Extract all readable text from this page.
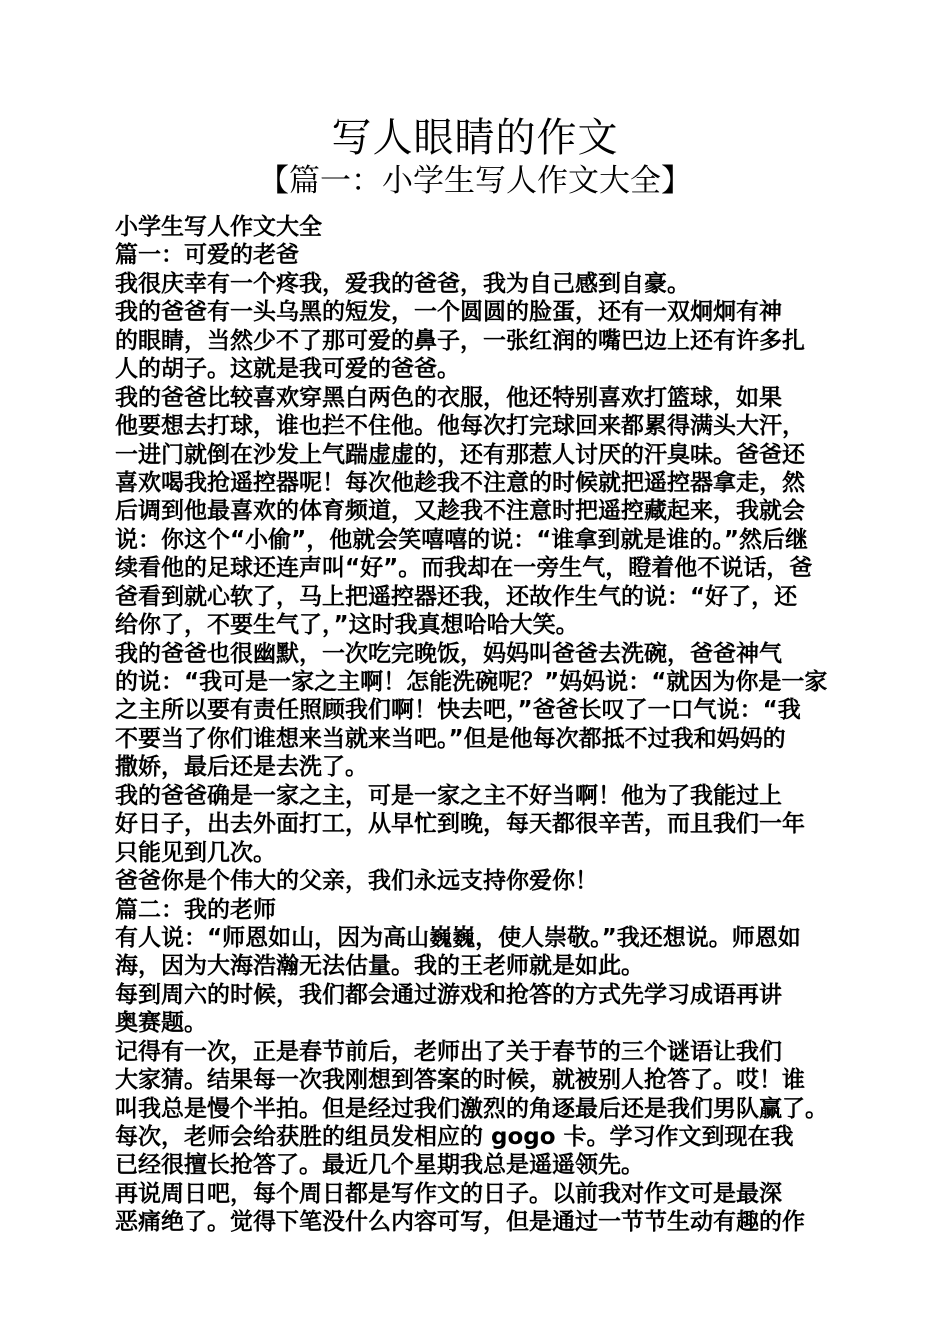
写人眼睛的作文
【篇一：小学生写人作文大全】
小学生写人作文大全
篇一：可爱的老爸
我很庆幸有一个疼我，爱我的爸爸，我为自己感到自豪。
我的爸爸有一头乌黑的短发，一个圆圆的脸蛋，还有一双炯炯有神
的眼睛，当然少不了那可爱的鼻子，一张红润的嘴巴边上还有许多扎
人的胡子。这就是我可爱的爸爸。
我的爸爸比较喜欢穿黑白两色的衣服，他还特别喜欢打篮球，如果
他要想去打球，谁也拦不住他。他每次打完球回来都累得满头大汗，
一进门就倒在沙发上气踹虚虚的，还有那惹人讨厌的汗臭味。爸爸还
喜欢喝我抢遥控器呢！每次他趁我不注意的时候就把遥控器拿走，然
后调到他最喜欢的体育频道，又趁我不注意时把遥控藏起来，我就会
说：你这个“小偷”，他就会笑嘻嘻的说：“谁拿到就是谁的。”然后继
续看他的足球还连声叫“好”。而我却在一旁生气，瞪着他不说话，爸
爸看到就心软了，马上把遥控器还我，还故作生气的说：“好了，还
给你了，不要生气了，”这时我真想哈哈大笑。
我的爸爸也很幽默，一次吃完晚饭，妈妈叫爸爸去洗碗，爸爸神气
的说：“我可是一家之主啊！怎能洗碗呢？”妈妈说：“就因为你是一家
之主所以要有责任照顾我们啊！快去吧，”爸爸长叹了一口气说：“我
不要当了你们谁想来当就来当吧。”但是他每次都抵不过我和妈妈的
撒娇，最后还是去洗了。
我的爸爸确是一家之主，可是一家之主不好当啊！他为了我能过上
好日子，出去外面打工，从早忙到晚，每天都很辛苦，而且我们一年
只能见到几次。
爸爸你是个伟大的父亲，我们永远支持你爱你！
篇二：我的老师
有人说：“师恩如山，因为高山巍巍，使人崇敬。”我还想说。师恩如
海，因为大海浩瀚无法估量。我的王老师就是如此。
每到周六的时候，我们都会通过游戏和抢答的方式先学习成语再讲
奥赛题。
记得有一次，正是春节前后，老师出了关于春节的三个谜语让我们
大家猜。结果每一次我刚想到答案的时候，就被别人抢答了。哎！谁
叫我总是慢个半拍。但是经过我们激烈的角逐最后还是我们男队赢了。
每次，老师会给获胜的组员发相应的 gogo 卡。学习作文到现在我
已经很擅长抢答了。最近几个星期我总是遥遥领先。
再说周日吧，每个周日都是写作文的日子。以前我对作文可是最深
恶痛绝了。觉得下笔没什么内容可写，但是通过一节节生动有趣的作
